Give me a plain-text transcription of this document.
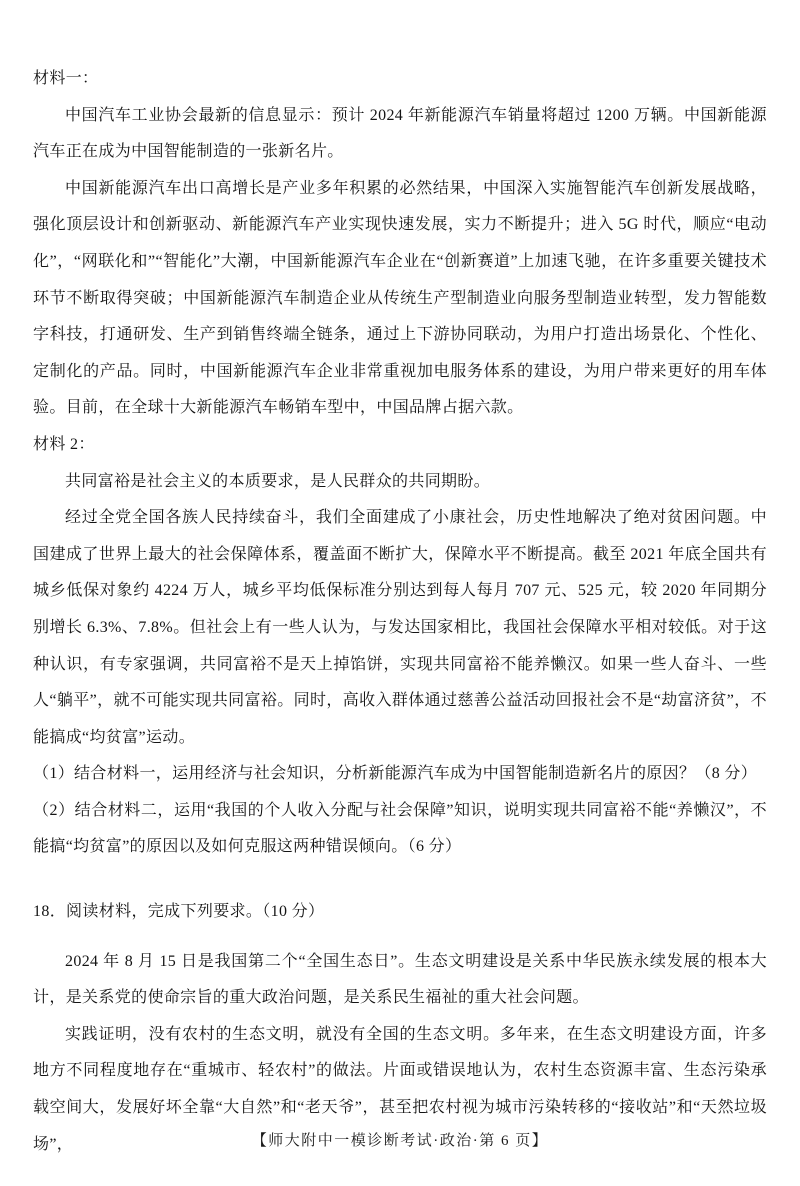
材料一：

中国汽车工业协会最新的信息显示：预计 2024 年新能源汽车销量将超过 1200 万辆。中国新能源汽车正在成为中国智能制造的一张新名片。

中国新能源汽车出口高增长是产业多年积累的必然结果，中国深入实施智能汽车创新发展战略，强化顶层设计和创新驱动、新能源汽车产业实现快速发展，实力不断提升；进入 5G 时代，顺应“电动化”，“网联化和”“智能化”大潮，中国新能源汽车企业在“创新赛道”上加速飞驰，在许多重要关键技术环节不断取得突破；中国新能源汽车制造企业从传统生产型制造业向服务型制造业转型，发力智能数字科技，打通研发、生产到销售终端全链条，通过上下游协同联动，为用户打造出场景化、个性化、定制化的产品。同时，中国新能源汽车企业非常重视加电服务体系的建设，为用户带来更好的用车体验。目前，在全球十大新能源汽车畅销车型中，中国品牌占据六款。

材料 2：

共同富裕是社会主义的本质要求，是人民群众的共同期盼。

经过全党全国各族人民持续奋斗，我们全面建成了小康社会，历史性地解决了绝对贫困问题。中国建成了世界上最大的社会保障体系，覆盖面不断扩大，保障水平不断提高。截至 2021 年底全国共有城乡低保对象约 4224 万人，城乡平均低保标准分别达到每人每月 707 元、525 元，较 2020 年同期分别增长 6.3%、7.8%。但社会上有一些人认为，与发达国家相比，我国社会保障水平相对较低。对于这种认识，有专家强调，共同富裕不是天上掉馅饼，实现共同富裕不能养懒汉。如果一些人奋斗、一些人“躺平”，就不可能实现共同富裕。同时，高收入群体通过慈善公益活动回报社会不是“劫富济贫”，不能搞成“均贫富”运动。

（1）结合材料一，运用经济与社会知识，分析新能源汽车成为中国智能制造新名片的原因？（8 分）

（2）结合材料二，运用“我国的个人收入分配与社会保障”知识，说明实现共同富裕不能“养懒汉”，不能搞“均贫富”的原因以及如何克服这两种错误倾向。（6 分）

18．阅读材料，完成下列要求。（10 分）

2024 年 8 月 15 日是我国第二个“全国生态日”。生态文明建设是关系中华民族永续发展的根本大计，是关系党的使命宗旨的重大政治问题，是关系民生福祉的重大社会问题。

实践证明，没有农村的生态文明，就没有全国的生态文明。多年来，在生态文明建设方面，许多地方不同程度地存在“重城市、轻农村”的做法。片面或错误地认为，农村生态资源丰富、生态污染承载空间大，发展好坏全靠“大自然”和“老天爷”，甚至把农村视为城市污染转移的“接收站”和“天然垃圾场”，	【师大附中一模诊断考试·政治·第 6 页】
